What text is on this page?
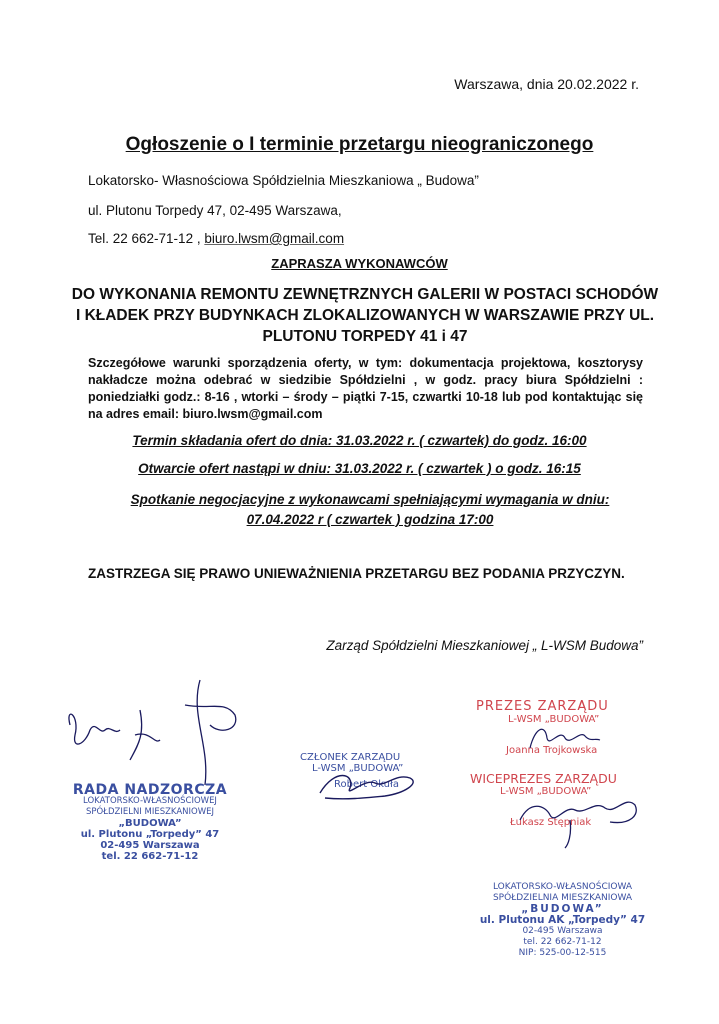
Warszawa, dnia 20.02.2022 r.
Ogłoszenie o I terminie przetargu nieograniczonego
Lokatorsko- Własnościowa Spółdzielnia Mieszkaniowa „ Budowa”
ul. Plutonu Torpedy 47, 02-495 Warszawa,
Tel. 22 662-71-12 , biuro.lwsm@gmail.com
ZAPRASZA WYKONAWCÓW
DO WYKONANIA REMONTU ZEWNĘTRZNYCH GALERII W POSTACI SCHODÓW I KŁADEK PRZY BUDYNKACH ZLOKALIZOWANYCH W WARSZAWIE PRZY UL. PLUTONU TORPEDY 41 i 47
Szczegółowe warunki sporządzenia oferty, w tym: dokumentacja projektowa, kosztorysy nakładcze można odebrać w siedzibie Spółdzielni , w godz. pracy biura Spółdzielni : poniedziałki godz.: 8-16 , wtorki – środy – piątki 7-15, czwartki 10-18 lub pod kontaktując się na adres email: biuro.lwsm@gmail.com
Termin składania ofert do dnia: 31.03.2022 r. ( czwartek) do godz. 16:00
Otwarcie ofert nastąpi w dniu: 31.03.2022 r. ( czwartek ) o godz. 16:15
Spotkanie negocjacyjne z wykonawcami spełniającymi wymagania w dniu:
07.04.2022 r ( czwartek ) godzina 17:00
ZASTRZEGA SIĘ PRAWO UNIEWAŻNIENIA PRZETARGU BEZ PODANIA PRZYCZYN.
Zarząd Spółdzielni Mieszkaniowej „ L-WSM Budowa”
RADA NADZORCZA
LOKATORSKO-WŁASNOŚCIOWEJ
SPÓŁDZIELNI MIESZKANIOWEJ
„BUDOWA”
ul. Plutonu „Torpedy” 47
02-495 Warszawa
tel. 22 662-71-12
CZŁONEK ZARZĄDU
L-WSM „BUDOWA”
Robert Okuła
PREZES ZARZĄDU
L-WSM „BUDOWA”
Joanna Trojkowska
WICEPREZES ZARZĄDU
L-WSM „BUDOWA”
Łukasz Stępniak
LOKATORSKO-WŁASNOŚCIOWA
SPÓŁDZIELNIA MIESZKANIOWA
„BUDOWA”
ul. Plutonu AK „Torpedy” 47
02-495 Warszawa
tel. 22 662-71-12
NIP: 525-00-12-515
